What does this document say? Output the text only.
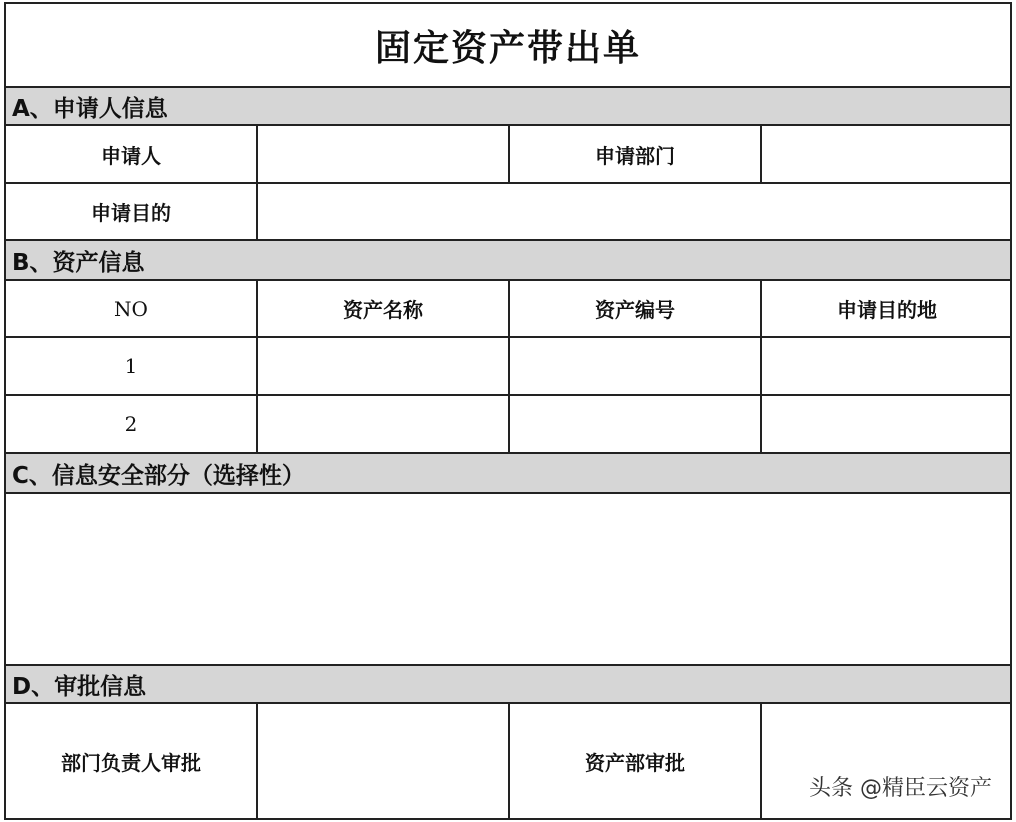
固定资产带出单
A、申请人信息
申请人	申请部门
申请目的
B、资产信息
NO	资产名称	资产编号	申请目的地
1
2
C、信息安全部分（选择性）
D、审批信息
部门负责人审批	资产部审批
头条 @精臣云资产
